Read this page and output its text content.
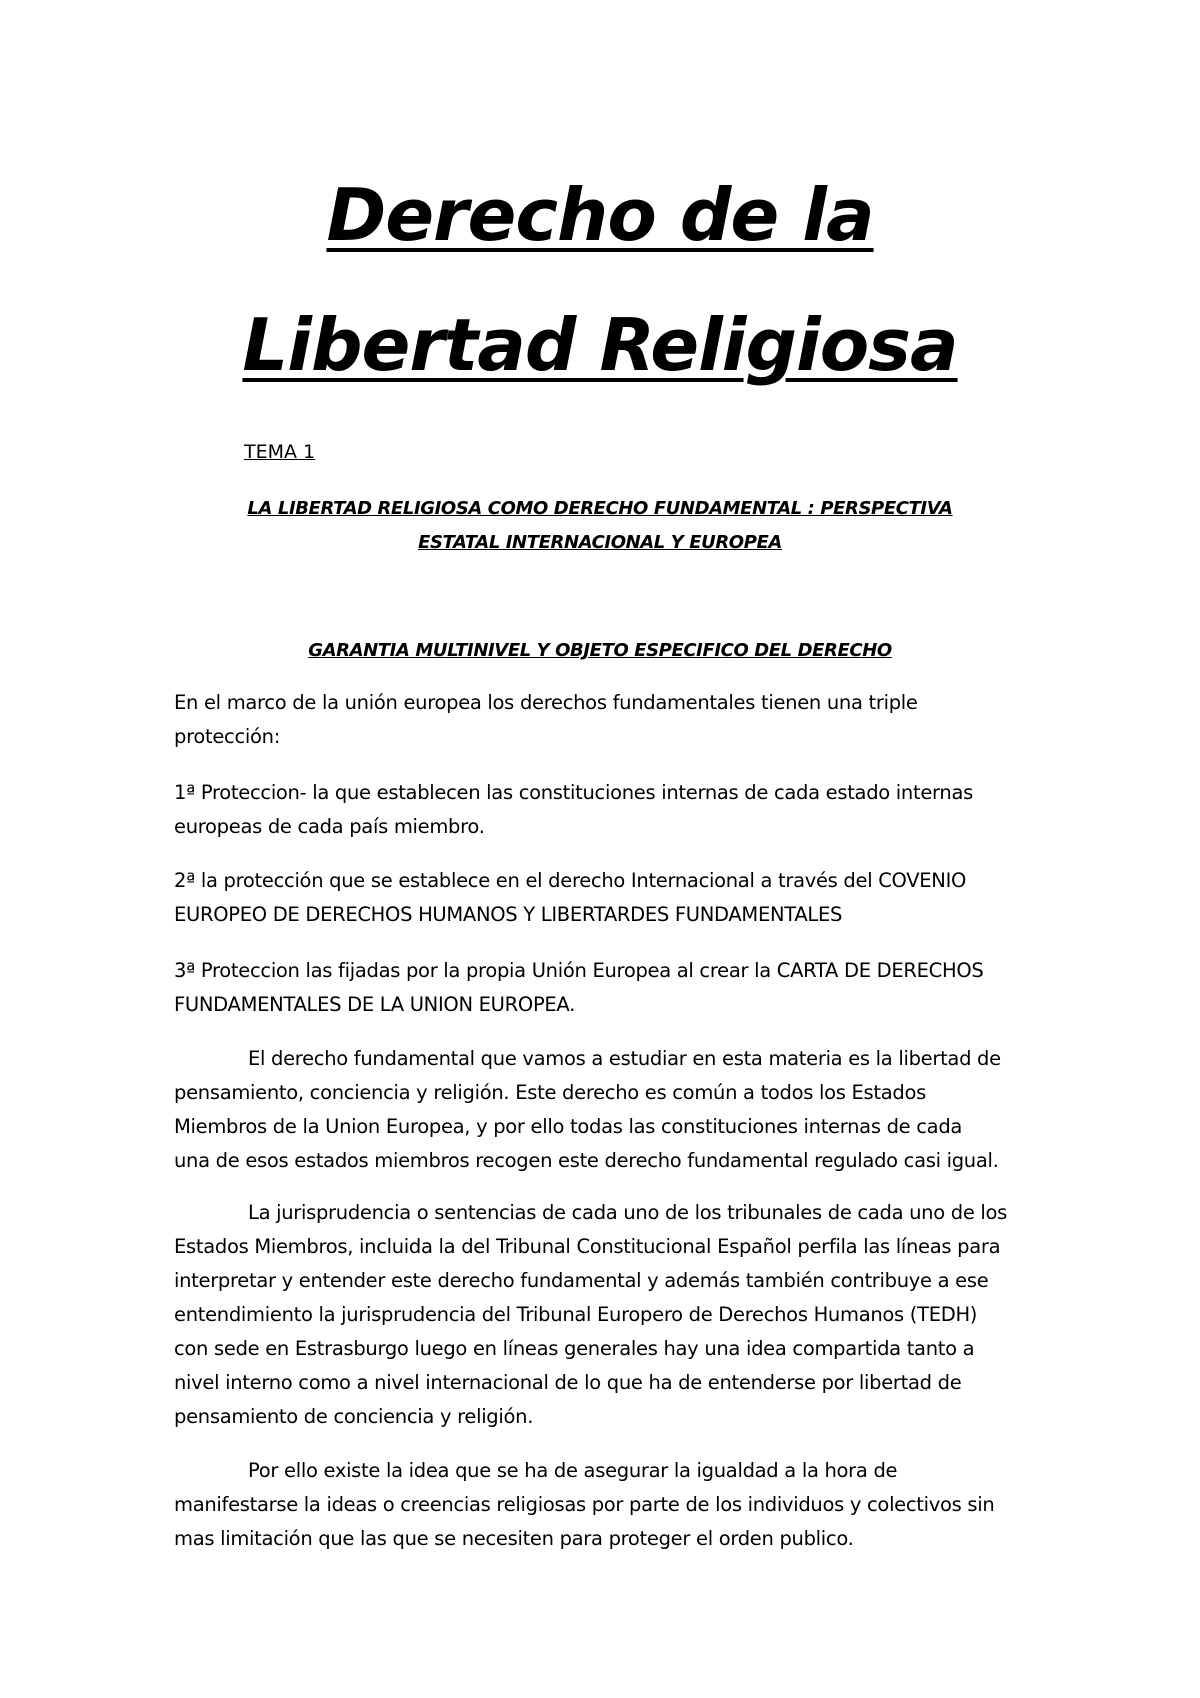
Derecho de la
Libertad Religiosa
TEMA 1
LA LIBERTAD RELIGIOSA COMO DERECHO FUNDAMENTAL : PERSPECTIVA
ESTATAL INTERNACIONAL Y EUROPEA
GARANTIA MULTINIVEL Y OBJETO ESPECIFICO DEL DERECHO
En el marco de la unión europea los derechos fundamentales tienen una triple
protección:
1ª Proteccion- la que establecen las constituciones internas de cada estado internas
europeas de cada país miembro.
2ª la protección que se establece en el derecho Internacional a través del COVENIO
EUROPEO DE DERECHOS HUMANOS Y LIBERTARDES FUNDAMENTALES
3ª Proteccion las fijadas por la propia Unión Europea al crear la CARTA DE DERECHOS
FUNDAMENTALES DE LA UNION EUROPEA.
El derecho fundamental que vamos a estudiar en esta materia es la libertad de
pensamiento, conciencia y religión. Este derecho es común a todos los Estados
Miembros de la Union Europea, y por ello todas las constituciones internas de cada
una de esos estados miembros recogen este derecho fundamental regulado casi igual.
La jurisprudencia o sentencias de cada uno de los tribunales de cada uno de los
Estados Miembros, incluida la del Tribunal Constitucional Español perfila las líneas para
interpretar y entender este derecho fundamental y además también contribuye a ese
entendimiento la jurisprudencia del Tribunal Europero de Derechos Humanos (TEDH)
con sede en Estrasburgo luego en líneas generales hay una idea compartida tanto a
nivel interno como a nivel internacional de lo que ha de entenderse por libertad de
pensamiento de conciencia y religión.
Por ello existe la idea que se ha de asegurar la igualdad a la hora de
manifestarse la ideas o creencias religiosas por parte de los individuos y colectivos sin
mas limitación que las que se necesiten para proteger el orden publico.
